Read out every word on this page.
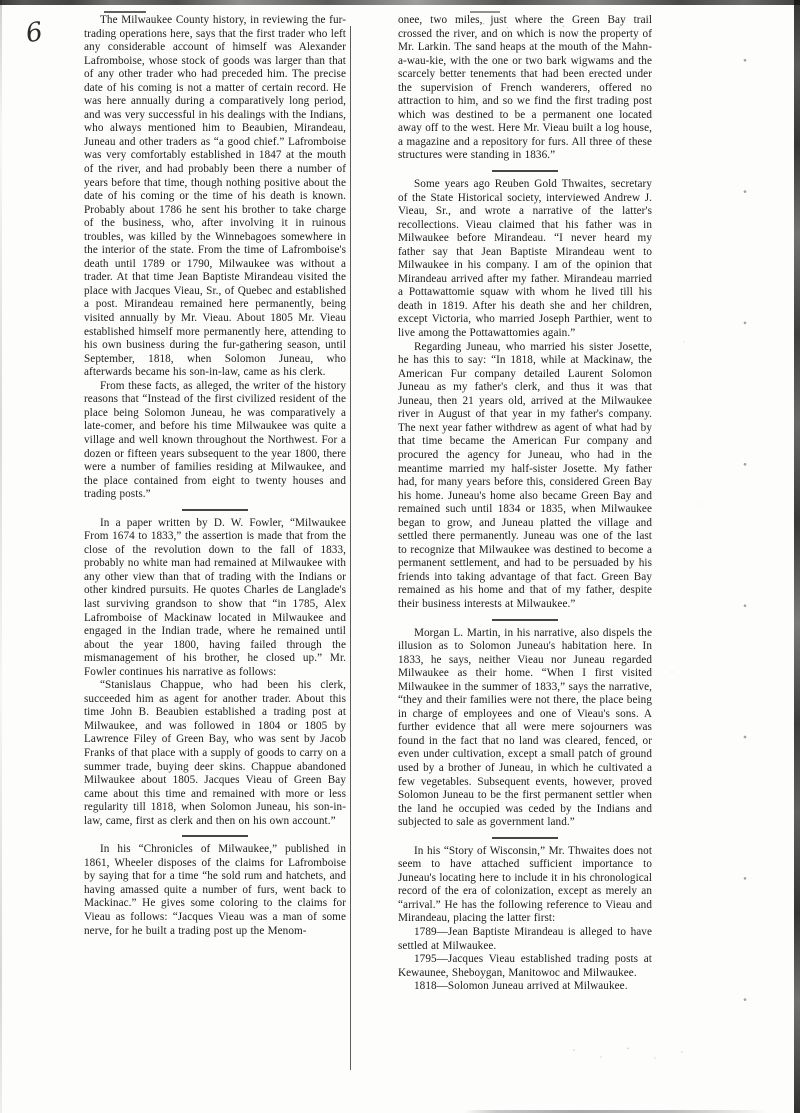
6	The Milwaukee County history, in reviewing the fur-trading operations here, says that the first trader who left any considerable account of himself was Alexander Lafromboise, whose stock of goods was larger than that of any other trader who had preceded him. The precise date of his coming is not a matter of certain record. He was here annually during a comparatively long period, and was very successful in his dealings with the Indians, who always mentioned him to Beaubien, Mirandeau, Juneau and other traders as “a good chief.” Lafromboise was very comfortably established in 1847 at the mouth of the river, and had probably been there a number of years before that time, though nothing positive about the date of his coming or the time of his death is known. Probably about 1786 he sent his brother to take charge of the business, who, after involving it in ruinous troubles, was killed by the Winnebagoes somewhere in the interior of the state. From the time of Lafromboise's death until 1789 or 1790, Milwaukee was without a trader. At that time Jean Baptiste Mirandeau visited the place with Jacques Vieau, Sr., of Quebec and established a post. Mirandeau remained here permanently, being visited annually by Mr. Vieau. About 1805 Mr. Vieau established himself more permanently here, attending to his own business during the fur-gathering season, until September, 1818, when Solomon Juneau, who afterwards became his son-in-law, came as his clerk.

From these facts, as alleged, the writer of the history reasons that “Instead of the first civilized resident of the place being Solomon Juneau, he was comparatively a late-comer, and before his time Milwaukee was quite a village and well known throughout the Northwest. For a dozen or fifteen years subsequent to the year 1800, there were a number of families residing at Milwaukee, and the place contained from eight to twenty houses and trading posts.”

In a paper written by D. W. Fowler, “Milwaukee From 1674 to 1833,” the assertion is made that from the close of the revolution down to the fall of 1833, probably no white man had remained at Milwaukee with any other view than that of trading with the Indians or other kindred pursuits. He quotes Charles de Langlade's last surviving grandson to show that “in 1785, Alex Lafromboise of Mackinaw located in Milwaukee and engaged in the Indian trade, where he remained until about the year 1800, having failed through the mismanagement of his brother, he closed up.” Mr. Fowler continues his narrative as follows:

“Stanislaus Chappue, who had been his clerk, succeeded him as agent for another trader. About this time John B. Beaubien established a trading post at Milwaukee, and was followed in 1804 or 1805 by Lawrence Filey of Green Bay, who was sent by Jacob Franks of that place with a supply of goods to carry on a summer trade, buying deer skins. Chappue abandoned Milwaukee about 1805. Jacques Vieau of Green Bay came about this time and remained with more or less regularity till 1818, when Solomon Juneau, his son-in-law, came, first as clerk and then on his own account.”

In his “Chronicles of Milwaukee,” published in 1861, Wheeler disposes of the claims for Lafromboise by saying that for a time “he sold rum and hatchets, and having amassed quite a number of furs, went back to Mackinac.” He gives some coloring to the claims for Vieau as follows: “Jacques Vieau was a man of some nerve, for he built a trading post up the Menom-

onee, two miles, just where the Green Bay trail crossed the river, and on which is now the property of Mr. Larkin. The sand heaps at the mouth of the Mahn-a-wau-kie, with the one or two bark wigwams and the scarcely better tenements that had been erected under the supervision of French wanderers, offered no attraction to him, and so we find the first trading post which was destined to be a permanent one located away off to the west. Here Mr. Vieau built a log house, a magazine and a repository for furs. All three of these structures were standing in 1836.”

Some years ago Reuben Gold Thwaites, secretary of the State Historical society, interviewed Andrew J. Vieau, Sr., and wrote a narrative of the latter's recollections. Vieau claimed that his father was in Milwaukee before Mirandeau. “I never heard my father say that Jean Baptiste Mirandeau went to Milwaukee in his company. I am of the opinion that Mirandeau arrived after my father. Mirandeau married a Pottawattomie squaw with whom he lived till his death in 1819. After his death she and her children, except Victoria, who married Joseph Parthier, went to live among the Pottawattomies again.”

Regarding Juneau, who married his sister Josette, he has this to say: “In 1818, while at Mackinaw, the American Fur company detailed Laurent Solomon Juneau as my father's clerk, and thus it was that Juneau, then 21 years old, arrived at the Milwaukee river in August of that year in my father's company. The next year father withdrew as agent of what had by that time became the American Fur company and procured the agency for Juneau, who had in the meantime married my half-sister Josette. My father had, for many years before this, considered Green Bay his home. Juneau's home also became Green Bay and remained such until 1834 or 1835, when Milwaukee began to grow, and Juneau platted the village and settled there permanently. Juneau was one of the last to recognize that Milwaukee was destined to become a permanent settlement, and had to be persuaded by his friends into taking advantage of that fact. Green Bay remained as his home and that of my father, despite their business interests at Milwaukee.”

Morgan L. Martin, in his narrative, also dispels the illusion as to Solomon Juneau's habitation here. In 1833, he says, neither Vieau nor Juneau regarded Milwaukee as their home. “When I first visited Milwaukee in the summer of 1833,” says the narrative, “they and their families were not there, the place being in charge of employees and one of Vieau's sons. A further evidence that all were mere sojourners was found in the fact that no land was cleared, fenced, or even under cultivation, except a small patch of ground used by a brother of Juneau, in which he cultivated a few vegetables. Subsequent events, however, proved Solomon Juneau to be the first permanent settler when the land he occupied was ceded by the Indians and subjected to sale as government land.”

In his “Story of Wisconsin,” Mr. Thwaites does not seem to have attached sufficient importance to Juneau's locating here to include it in his chronological record of the era of colonization, except as merely an “arrival.” He has the following reference to Vieau and Mirandeau, placing the latter first:

1789—Jean Baptiste Mirandeau is alleged to have settled at Milwaukee.

1795—Jacques Vieau established trading posts at Kewaunee, Sheboygan, Manitowoc and Milwaukee.

1818—Solomon Juneau arrived at Milwaukee.
